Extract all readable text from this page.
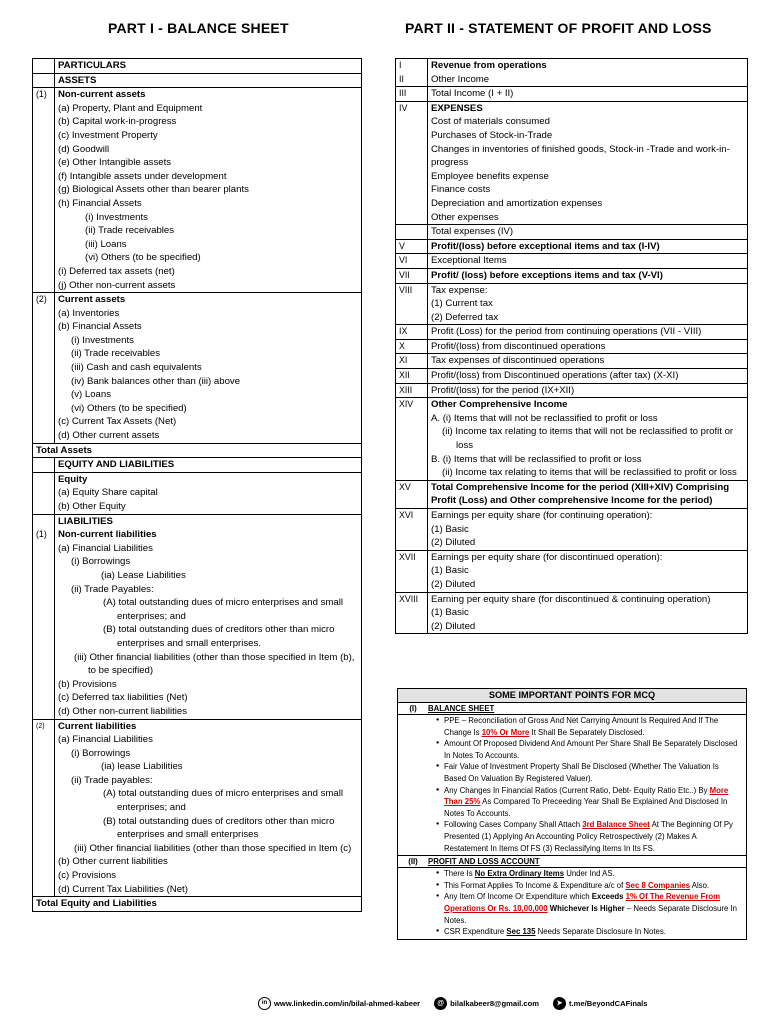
PART I - BALANCE SHEET	PART II - STATEMENT OF PROFIT AND LOSS
	PARTICULARS
	ASSETS
(1)	Non-current assets
	(a) Property, Plant and Equipment
	(b) Capital work-in-progress
	(c) Investment Property
	(d) Goodwill
	(e) Other Intangible assets
	(f) Intangible assets under development
	(g) Biological Assets other than bearer plants
	(h) Financial Assets
	(i) Investments
	(ii) Trade receivables
	(iii) Loans
	(vi) Others (to be specified)
	(i) Deferred tax assets (net)
	(j) Other non-current assets
(2)	Current assets
	(a) Inventories
	(b) Financial Assets
	(i) Investments
	(ii) Trade receivables
	(iii) Cash and cash equivalents
	(iv) Bank balances other than (iii) above
	(v) Loans
	(vi) Others (to be specified)
	(c) Current Tax Assets (Net)
	(d) Other current assets
Total Assets	
	EQUITY AND LIABILITIES
	Equity
	(a) Equity Share capital
	(b) Other Equity
	LIABILITIES
(1)	Non-current liabilities
	(a) Financial Liabilities
	(i) Borrowings
	(ia) Lease Liabilities
	(ii) Trade Payables:

	(A) total outstanding dues of micro enterprises and small enterprises; and

	(B) total outstanding dues of creditors other than micro enterprises and small enterprises.

	(iii) Other financial liabilities (other than those specified in Item (b), to be specified)

	(b) Provisions
	(c) Deferred tax liabilities (Net)
	(d) Other non-current liabilities
(2)	Current liabilities
	(a) Financial Liabilities
	(i) Borrowings
	(ia) lease Liabilities
	(ii) Trade payables:

	(A) total outstanding dues of micro enterprises and small enterprises; and

	(B) total outstanding dues of creditors other than micro enterprises and small enterprises

	(iii) Other financial liabilities (other than those specified in Item (c)

	(b) Other current liabilities
	(c) Provisions
	(d) Current Tax Liabilities (Net)
Total Equity and Liabilities	
I	Revenue from operations
II	Other Income
III	Total Income (I + II)
IV	EXPENSES
	Cost of materials consumed
	Purchases of Stock-in-Trade
	Changes in inventories of finished goods, Stock-in -Trade and work-in-progress
	Employee benefits expense
	Finance costs
	Depreciation and amortization expenses
	Other expenses
	Total expenses (IV)
V	Profit/(loss) before exceptional items and tax (I-IV)
VI	Exceptional Items
VII	Profit/ (loss) before exceptions items and tax (V-VI)
VIII	Tax expense:
	(1) Current tax
	(2) Deferred tax
IX	Profit (Loss) for the period from continuing operations (VII - VIII)
X	Profit/(loss) from discontinued operations
XI	Tax expenses of discontinued operations
XII	Profit/(loss) from Discontinued operations (after tax) (X-XI)
XIII	Profit/(loss) for the period (IX+XII)
XIV	Other Comprehensive Income
	A. (i) Items that will not be reclassified to profit or loss

	(ii) Income tax relating to items that will not be reclassified to profit or loss

	B. (i) Items that will be reclassified to profit or loss

	(ii) Income tax relating to items that will be reclassified to profit or loss

XV	Total Comprehensive Income for the period (XIII+XIV) Comprising Profit (Loss) and Other comprehensive Income for the period)
XVI	Earnings per equity share (for continuing operation):
	(1) Basic
	(2) Diluted
XVII	Earnings per equity share (for discontinued operation):
	(1) Basic
	(2) Diluted
XVIII	Earning per equity share (for discontinued & continuing operation)
	(1) Basic
	(2) Diluted
SOME IMPORTANT POINTS FOR MCQ
(I)	BALANCE SHEET
● PPE – Reconciliation of Gross And Net Carrying Amount Is Required And If The Change Is 10% Or More It Shall Be Separately Disclosed.
● Amount Of Proposed Dividend And Amount Per Share Shall Be Separately Disclosed In Notes To Accounts.
● Fair Value of Investment Property Shall Be Disclosed (Whether The Valuation Is Based On Valuation By Registered Valuer).
● Any Changes In Financial Ratios (Current Ratio, Debt- Equity Ratio Etc..) By More Than 25% As Compared To Preceeding Year Shall Be Explained And Disclosed In Notes To Accounts.
● Following Cases Company Shall Attach 3rd Balance Sheet At The Beginning Of Py Presented (1) Applying An Accounting Policy Retrospectively (2) Makes A Restatement In Items Of FS (3) Reclassifying Items In Its FS.
(II)	PROFIT AND LOSS ACCOUNT
● There Is No Extra Ordinary Items Under Ind AS.
● This Format Applies To Income & Expenditure a/c of Sec 8 Companies Also.
● Any Item Of Income Or Expenditure which Exceeds 1% Of The Revenue From Operations Or Rs. 10,00,000 Whichever Is Higher – Needs Separate Disclosure In Notes.
● CSR Expenditure Sec 135 Needs Separate Disclosure In Notes.
in www.linkedin.com/in/bilal-ahmed-kabeer	@ bilalkabeer8@gmail.com	➤ t.me/BeyondCAFinals
